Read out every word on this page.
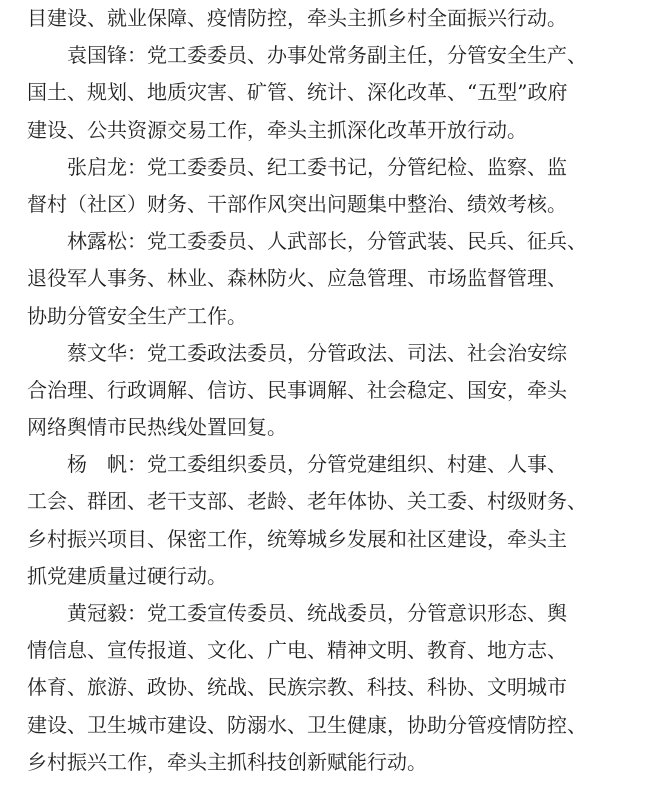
目建设、就业保障、疫情防控，牵头主抓乡村全面振兴行动。
　　袁国锋：党工委委员、办事处常务副主任，分管安全生产、
国土、规划、地质灾害、矿管、统计、深化改革、“五型”政府
建设、公共资源交易工作，牵头主抓深化改革开放行动。
　　张启龙：党工委委员、纪工委书记，分管纪检、监察、监
督村（社区）财务、干部作风突出问题集中整治、绩效考核。
　　林露松：党工委委员、人武部长，分管武装、民兵、征兵、
退役军人事务、林业、森林防火、应急管理、市场监督管理、
协助分管安全生产工作。
　　蔡文华：党工委政法委员，分管政法、司法、社会治安综
合治理、行政调解、信访、民事调解、社会稳定、国安，牵头
网络舆情市民热线处置回复。
　　杨　帆：党工委组织委员，分管党建组织、村建、人事、
工会、群团、老干支部、老龄、老年体协、关工委、村级财务、
乡村振兴项目、保密工作，统筹城乡发展和社区建设，牵头主
抓党建质量过硬行动。
　　黄冠毅：党工委宣传委员、统战委员，分管意识形态、舆
情信息、宣传报道、文化、广电、精神文明、教育、地方志、
体育、旅游、政协、统战、民族宗教、科技、科协、文明城市
建设、卫生城市建设、防溺水、卫生健康，协助分管疫情防控、
乡村振兴工作，牵头主抓科技创新赋能行动。
